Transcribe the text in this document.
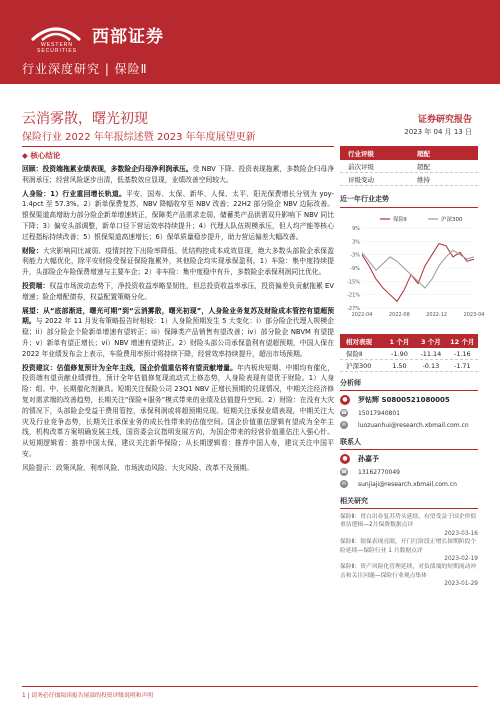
WESTERN SECURITIES
西部证券
行业深度研究 | 保险Ⅱ
云消雾散，曙光初现
保险行业 2022 年年报综述暨 2023 年年度展望更新
证券研究报告
2023 年 04 月 13 日
◆ 核心结论

回顾：投资端拖累业绩表现，多数险企归母净利润承压。受 NBV 下降、投资表现拖累，多数险企归母净利润承压；经营风险逐步出清，低基数效应显现，业绩改善空间较大。

人身险：1）行业重回增长轨道。平安、国寿、太保、新华、人保、太平、阳光保费增长分别为 yoy-1.4pct 至 57.3%。2）新单保费复苏，NBV 降幅收窄至 NBV 改善；22H2 部分险企 NBV 边际改善。银保渠道高增助力部分险企新单增速转正，保障类产品需求走弱，储蓄类产品供需双升影响下 NBV 同比下降；3）偏安头部调整，新单口径下营运效率持续提升；4）代理人队伍规模承压，但人均产能等核心过程指标持续改善；5）银保渠道高速增长；6）保单质量稳步提升，助力营运偏差大幅改善。

财险：大灾影响同比减弱、疫情封控下出险率降低、优结构控成本成效显现，绝大多数头部险企承保盈利能力大幅优化，除平安财险受保证保险拖累外，其他险企均实现承保盈利。1）车险：集中度持续提升，头部险企车险保费增速与主要车企；2）非车险：集中度稳中有升，多数险企承保利润同比优化。

投资端：权益市场波动态势下，净投资收益率略显韧性，但总投资收益率承压，投资偏差负贡献拖累 EV 增速；险企增配债券，权益配置策略分化。

展望：从“底部渐进，曙光可期”到“云消雾散，曙光初现”，人身险业务复苏及财险成本管控有望超预期。与 2022 年 11 月发布策略报告时相较：1）人身险预期发生 5 大变化：i）部分险企代理人规模企稳；ii）部分险企个险新单增速有望转正；iii）保障类产品销售有望改善；iv）部分险企 NBVM 有望提升；v）新单有望正增长；vi）NBV 增速有望转正。2）财险头部公司承保盈利有望超预期，中国人保在 2022 年业绩发布会上表示，车险费用率预计将持续下降，经营效率持续提升，超出市场预期。

投资建议：估值修复预计为全年主线，国企价值重估将有望贡献增量。年内板块短期、中期均有催化，投资端有望贡献业绩弹性，预计全年估值修复现流动式上修态势，人身险表现有望优于财险。1）人身险：组、中、长期催化剂兼具。短期关注保险公司 23Q1 NBV 正增长预期的兑现情况，中期关注经济修复对需求端的改善趋势，长期关注“保险+服务”模式带来的业绩及估值提升空间。2）财险：在没有大灾的情况下，头部险企受益于费用管控，承保利润或将超预期兑现。短期关注承保业绩表现，中期关注大灾及行业竞争态势，长期关注承保业务的成长性带来的估值空间。国企价值重估逻辑有望成为全年主线，机构改革方案明确发展主线，国资委会议指明发展方向，为国企带来的经营价值重估注入强心针。从短期逻辑看：推荐中国太保，建议关注新华保险；从长期逻辑看：推荐中国人寿，建议关注中国平安。

风险提示：政策风险、利率风险、市场波动风险、大灾风险、改革不及预期。

行业评级	超配
前次评级	超配
评级变动	维持
近一年行业走势
9%
3%
-3%
-9%
-15%
-21%
-27%
2022-04	2022-08	2022-12	2023-04
保险Ⅱ	沪深300
相对表现	1 个月	3 个月	12 个月
保险Ⅱ	-1.90	-11.14	-1.16
沪深300	1.50	-0.13	-1.71
分析师
●	罗钻辉
S0800521080005
☎ 15017940801
✉	luozuanhui@research.xbmail.com.cn
联系人
●	孙嘉予
☎ 13162770049
✉	sunjiaji@research.xbmail.com.cn
相关研究
保险Ⅱ：胃白出券复苏势头延续，有望受益于国企价值重估逻辑—2月保费数据点评
2023-03-16
保险Ⅱ：银保表现亮眼，开门红阶段正增长探期阶段个险延续—保险行业 1 月数据点评
2023-02-19
保险Ⅱ：资产风险化管理延续，对负债端的短期流动冲击和关注问题—保险行业观点集体
2023-01-29
1 | 请务必仔细阅读报告尾部的投资评级说明和声明
